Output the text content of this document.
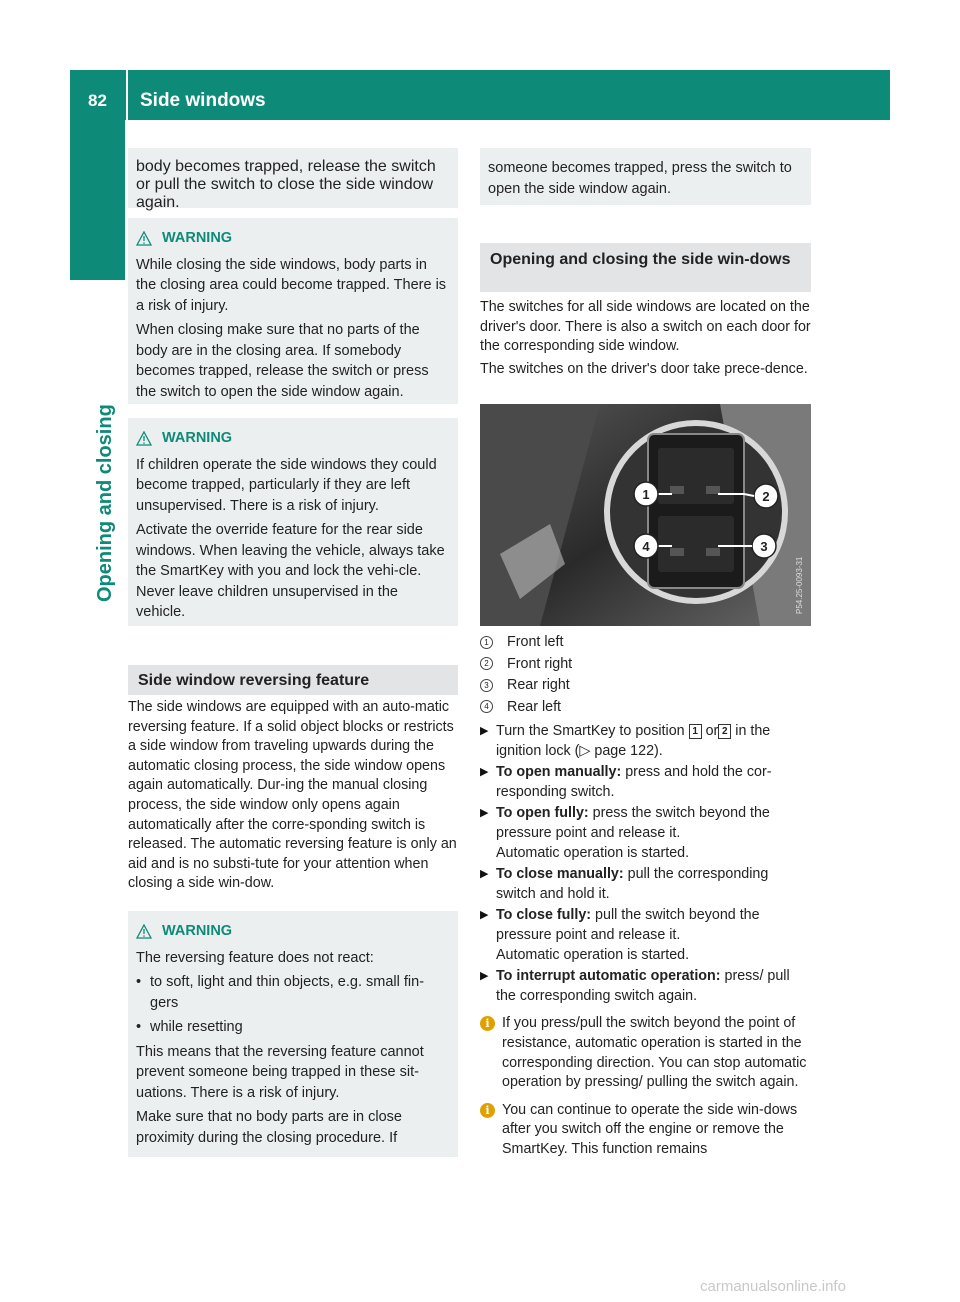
82	Side windows
Opening and closing

body becomes trapped, release the switch or pull the switch to close the side window again.

WARNING

While closing the side windows, body parts in the closing area could become trapped. There is a risk of injury.

When closing make sure that no parts of the body are in the closing area. If somebody becomes trapped, release the switch or press the switch to open the side window again.

WARNING

If children operate the side windows they could become trapped, particularly if they are left unsupervised. There is a risk of injury.

Activate the override feature for the rear side windows. When leaving the vehicle, always take the SmartKey with you and lock the vehi-cle. Never leave children unsupervised in the vehicle.

Side window reversing feature

The side windows are equipped with an auto-matic reversing feature. If a solid object blocks or restricts a side window from traveling upwards during the automatic closing process, the side window opens again automatically. Dur-ing the manual closing process, the side window only opens again automatically after the corre-sponding switch is released. The automatic reversing feature is only an aid and is no substi-tute for your attention when closing a side win-dow.

WARNING

The reversing feature does not react:

• to soft, light and thin objects, e.g. small fin-gers
• while resetting

This means that the reversing feature cannot prevent someone being trapped in these sit-uations. There is a risk of injury.

Make sure that no body parts are in close proximity during the closing procedure. If

someone becomes trapped, press the switch to open the side window again.

Opening and closing the side win-dows

The switches for all side windows are located on the driver's door. There is also a switch on each door for the corresponding side window.

The switches on the driver's door take prece-dence.

1	2
3
4
P54.25-0093-31
1 Front left
2 Front right
3 Rear right
4 Rear left
▶ Turn the SmartKey to position 1 or 2 in the ignition lock (▷ page 122).
▶ To open manually: press and hold the cor-responding switch.
▶ To open fully: press the switch beyond the pressure point and release it.
Automatic operation is started.
▶ To close manually: pull the corresponding switch and hold it.
▶ To close fully: pull the switch beyond the pressure point and release it.
Automatic operation is started.
▶ To interrupt automatic operation: press/ pull the corresponding switch again.
i If you press/pull the switch beyond the point of resistance, automatic operation is started in the corresponding direction. You can stop automatic operation by pressing/ pulling the switch again.
i You can continue to operate the side win-dows after you switch off the engine or remove the SmartKey. This function remains
carmanualsonline.info
